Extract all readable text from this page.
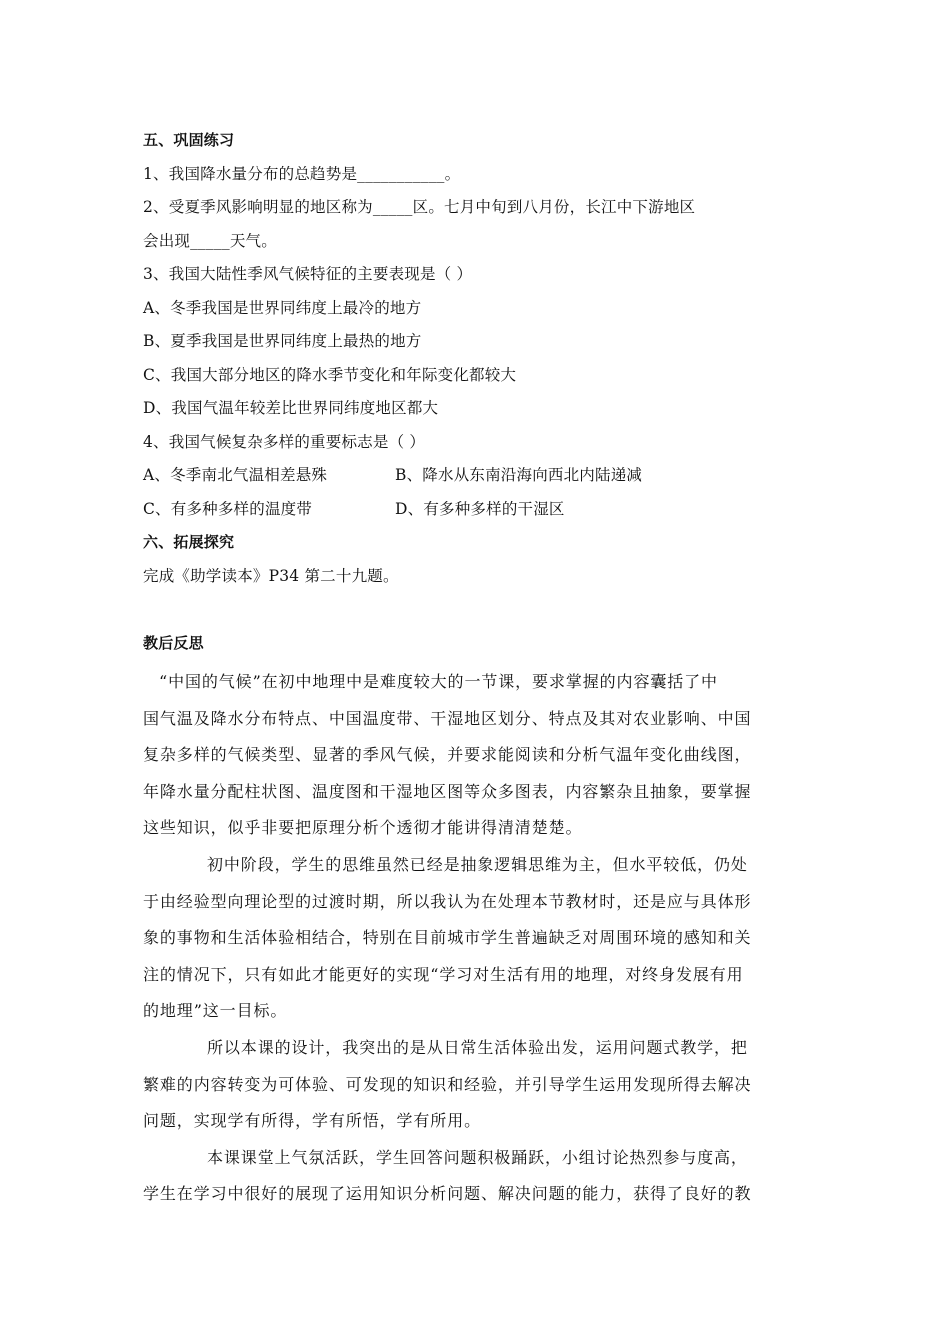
五、巩固练习
1、我国降水量分布的总趋势是___________。
2、受夏季风影响明显的地区称为_____区。七月中旬到八月份，长江中下游地区
会出现_____天气。
3、我国大陆性季风气候特征的主要表现是（ ）
A、冬季我国是世界同纬度上最冷的地方
B、夏季我国是世界同纬度上最热的地方
C、我国大部分地区的降水季节变化和年际变化都较大
D、我国气温年较差比世界同纬度地区都大
4、我国气候复杂多样的重要标志是（ ）
A、冬季南北气温相差悬殊	B、降水从东南沿海向西北内陆递减
C、有多种多样的温度带	D、有多种多样的干湿区
六、拓展探究
完成《助学读本》P34 第二十九题。
教后反思
“中国的气候”在初中地理中是难度较大的一节课，要求掌握的内容囊括了中
国气温及降水分布特点、中国温度带、干湿地区划分、特点及其对农业影响、中国
复杂多样的气候类型、显著的季风气候，并要求能阅读和分析气温年变化曲线图，
年降水量分配柱状图、温度图和干湿地区图等众多图表，内容繁杂且抽象，要掌握
这些知识，似乎非要把原理分析个透彻才能讲得清清楚楚。
初中阶段，学生的思维虽然已经是抽象逻辑思维为主，但水平较低，仍处
于由经验型向理论型的过渡时期，所以我认为在处理本节教材时，还是应与具体形
象的事物和生活体验相结合，特别在目前城市学生普遍缺乏对周围环境的感知和关
注的情况下，只有如此才能更好的实现“学习对生活有用的地理，对终身发展有用
的地理”这一目标。
所以本课的设计，我突出的是从日常生活体验出发，运用问题式教学，把
繁难的内容转变为可体验、可发现的知识和经验，并引导学生运用发现所得去解决
问题，实现学有所得，学有所悟，学有所用。
本课课堂上气氛活跃，学生回答问题积极踊跃，小组讨论热烈参与度高，
学生在学习中很好的展现了运用知识分析问题、解决问题的能力，获得了良好的教
